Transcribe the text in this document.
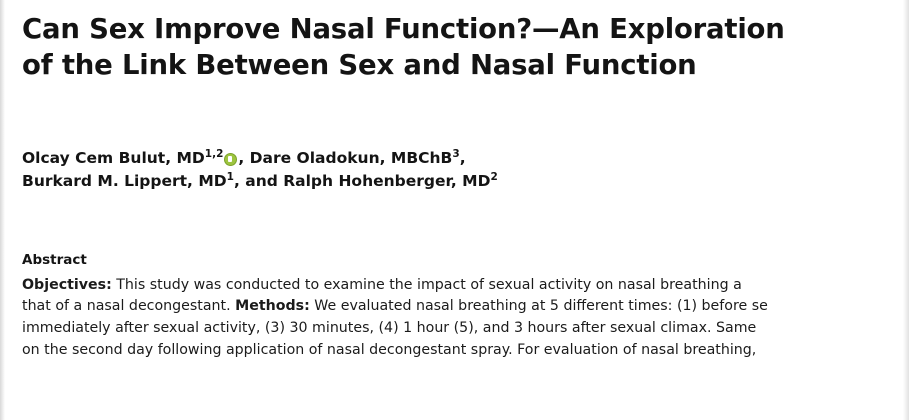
Can Sex Improve Nasal Function?—An Exploration of the Link Between Sex and Nasal Function
Olcay Cem Bulut, MD$^{1,2}$ , Dare Oladokun, MBChB$^3$,
Burkard M. Lippert, $MD^1$, and Ralph Hohenberger, $MD^2$
Abstract
Objectives: This study was conducted to examine the impact of sexual activity on nasal breathing a
that of a nasal decongestant. Methods: We evaluated nasal breathing at 5 different times: (1) before sе
immediately after sexual activity, (3) 30 minutes, (4) 1 hour (5), and 3 hours after sexual climax. Same
on the second day following application of nasal decongestant spray. For evaluation of nasal breathing,
